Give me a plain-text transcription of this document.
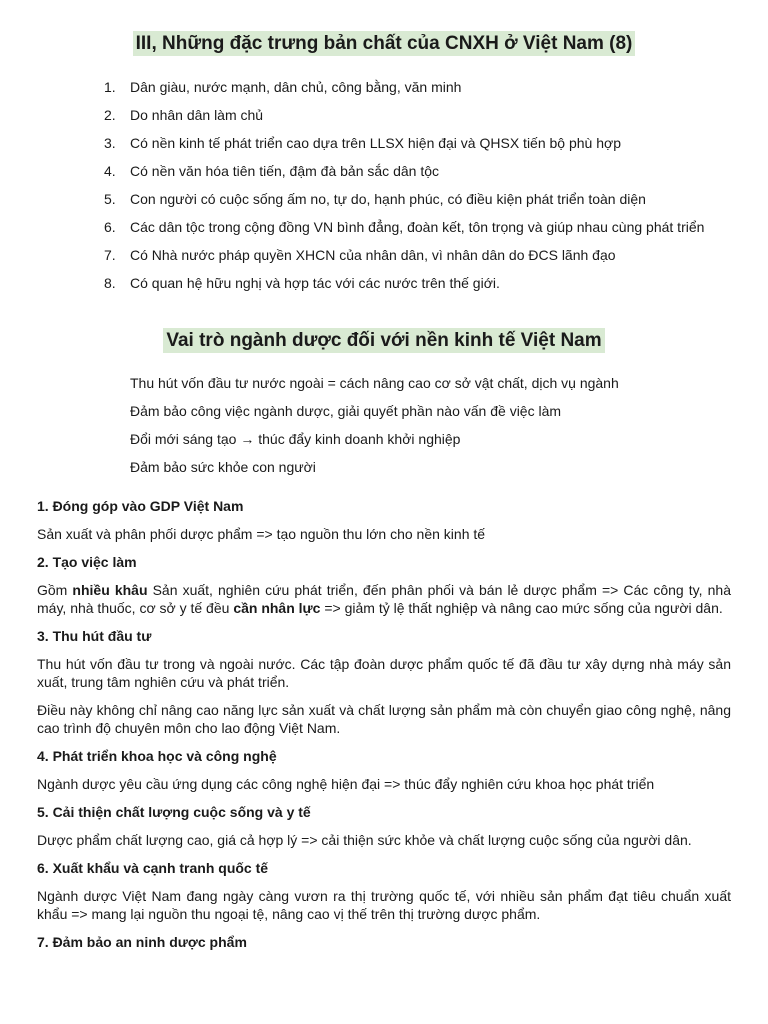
III, Những đặc trưng bản chất của CNXH ở Việt Nam (8)
1.	Dân giàu, nước mạnh, dân chủ, công bằng, văn minh
2.	Do nhân dân làm chủ
3.	Có nền kinh tế phát triển cao dựa trên LLSX hiện đại và QHSX tiến bộ phù hợp
4.	Có nền văn hóa tiên tiến, đậm đà bản sắc dân tộc
5.	Con người có cuộc sống ấm no, tự do, hạnh phúc, có điều kiện phát triển toàn diện
6.	Các dân tộc trong cộng đồng VN bình đẳng, đoàn kết, tôn trọng và giúp nhau cùng phát triển
7.	Có Nhà nước pháp quyền XHCN của nhân dân, vì nhân dân do ĐCS lãnh đạo
8.	Có quan hệ hữu nghị và hợp tác với các nước trên thế giới.
Vai trò ngành dược đối với nền kinh tế Việt Nam
Thu hút vốn đầu tư nước ngoài = cách nâng cao cơ sở vật chất, dịch vụ ngành
Đảm bảo công việc ngành dược, giải quyết phần nào vấn đề việc làm
Đổi mới sáng tạo → thúc đẩy kinh doanh khởi nghiệp
Đảm bảo sức khỏe con người
1. Đóng góp vào GDP Việt Nam
Sản xuất và phân phối dược phẩm => tạo nguồn thu lớn cho nền kinh tế
2. Tạo việc làm
Gồm nhiều khâu Sản xuất, nghiên cứu phát triển, đến phân phối và bán lẻ dược phẩm => Các công ty, nhà máy, nhà thuốc, cơ sở y tế đều cần nhân lực => giảm tỷ lệ thất nghiệp và nâng cao mức sống của người dân.
3. Thu hút đầu tư
Thu hút vốn đầu tư trong và ngoài nước. Các tập đoàn dược phẩm quốc tế đã đầu tư xây dựng nhà máy sản xuất, trung tâm nghiên cứu và phát triển.
Điều này không chỉ nâng cao năng lực sản xuất và chất lượng sản phẩm mà còn chuyển giao công nghệ, nâng cao trình độ chuyên môn cho lao động Việt Nam.
4. Phát triển khoa học và công nghệ
Ngành dược yêu cầu ứng dụng các công nghệ hiện đại => thúc đẩy nghiên cứu khoa học phát triển
5. Cải thiện chất lượng cuộc sống và y tế
Dược phẩm chất lượng cao, giá cả hợp lý => cải thiện sức khỏe và chất lượng cuộc sống của người dân.
6. Xuất khẩu và cạnh tranh quốc tế
Ngành dược Việt Nam đang ngày càng vươn ra thị trường quốc tế, với nhiều sản phẩm đạt tiêu chuẩn xuất khẩu => mang lại nguồn thu ngoại tệ, nâng cao vị thế trên thị trường dược phẩm.
7. Đảm bảo an ninh dược phẩm
